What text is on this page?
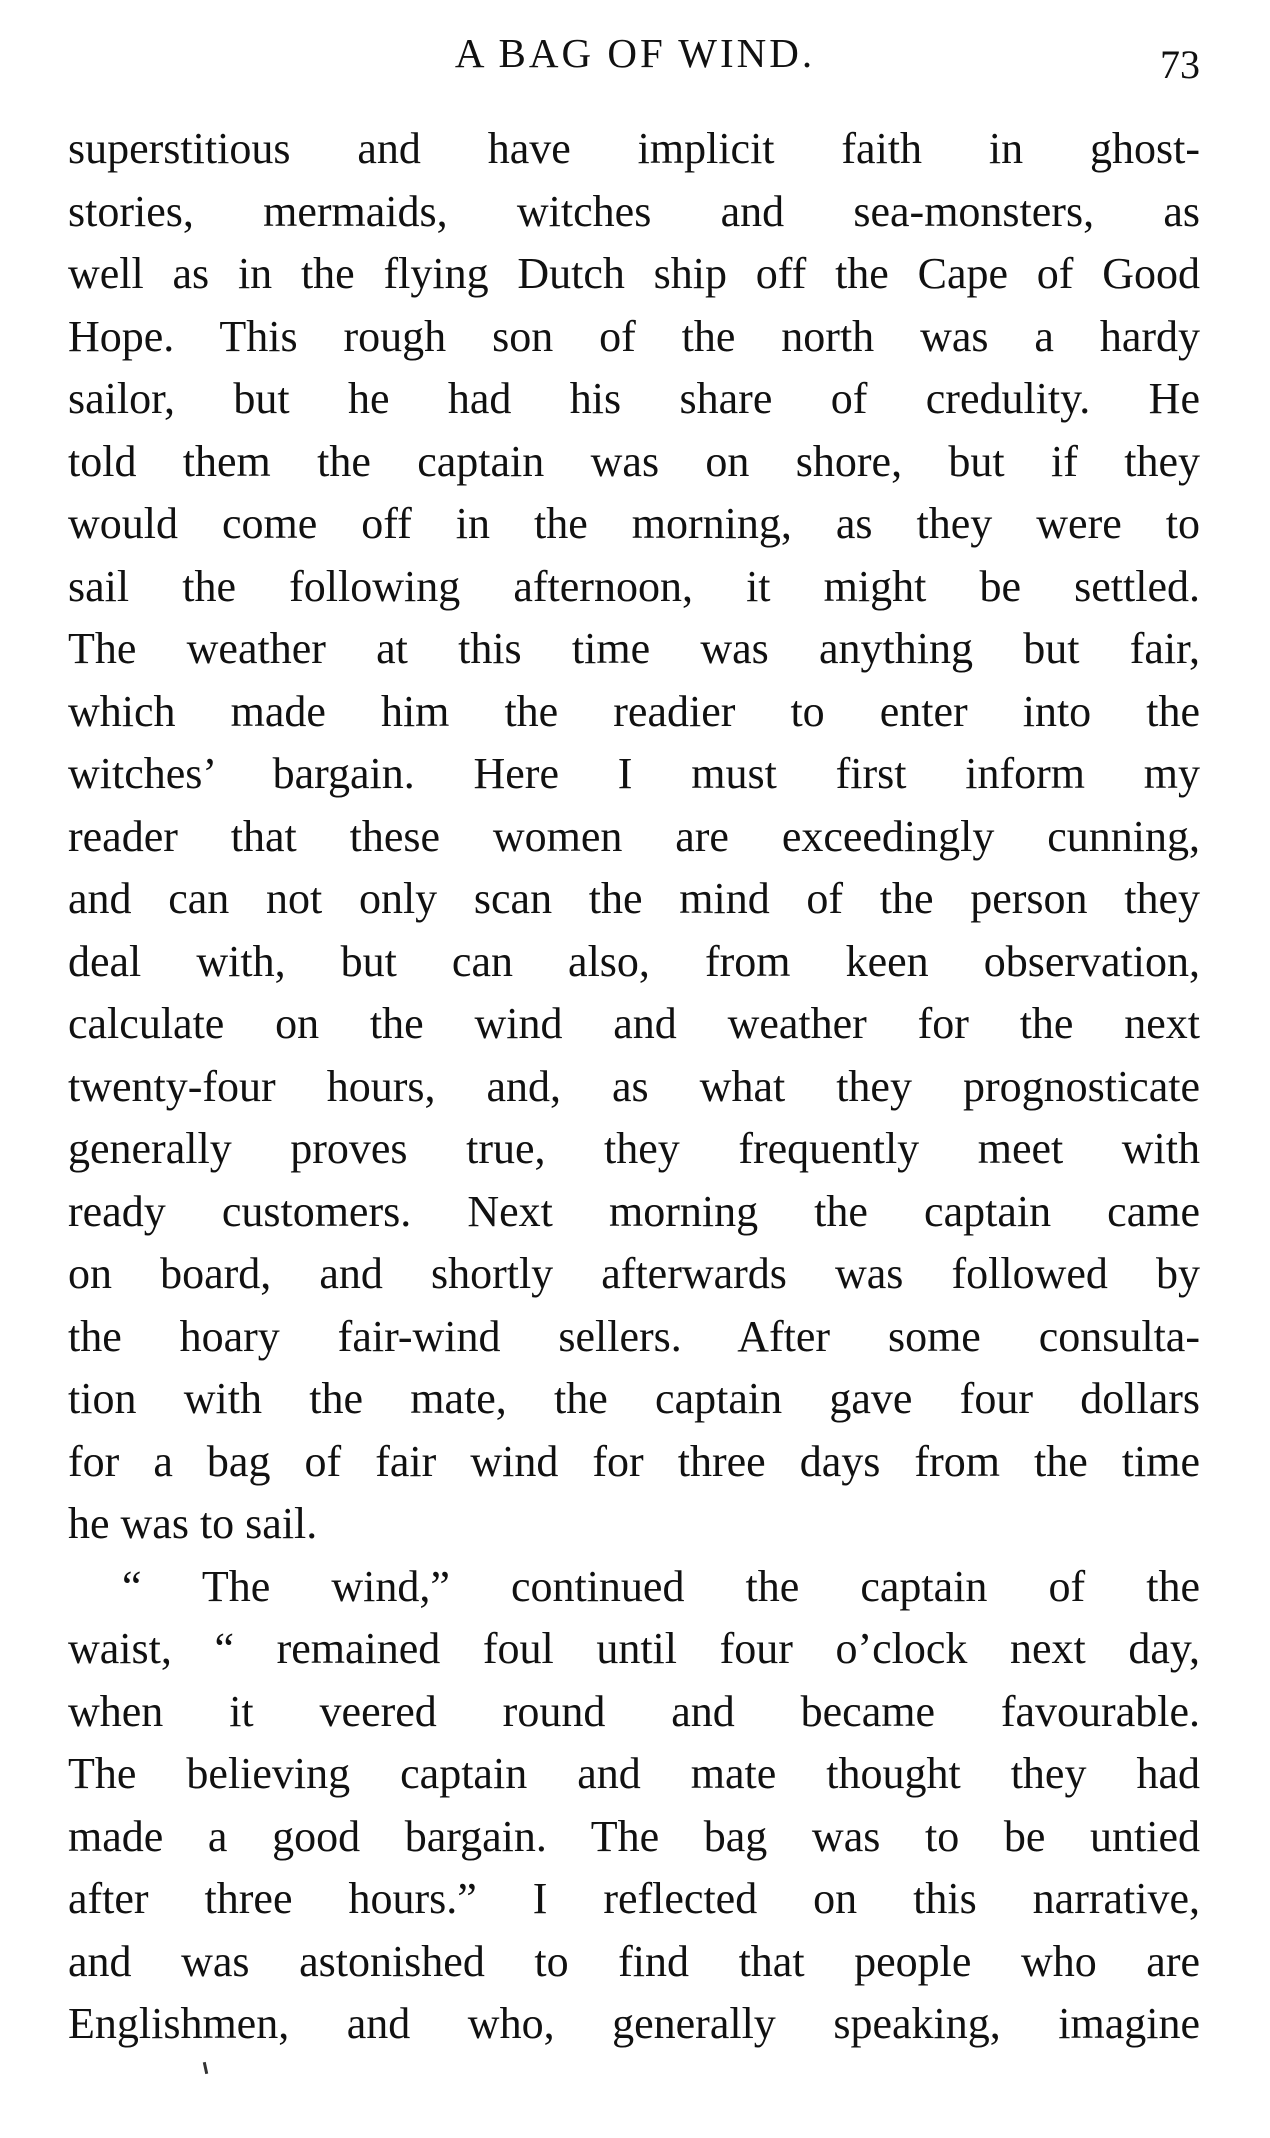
A BAG OF WIND.	73
superstitious and have implicit faith in ghost-
stories, mermaids, witches and sea-monsters, as
well as in the flying Dutch ship off the Cape of Good
Hope. This rough son of the north was a hardy
sailor, but he had his share of credulity. He
told them the captain was on shore, but if they
would come off in the morning, as they were to
sail the following afternoon, it might be settled.
The weather at this time was anything but fair,
which made him the readier to enter into the
witches’ bargain. Here I must first inform my
reader that these women are exceedingly cunning,
and can not only scan the mind of the person they
deal with, but can also, from keen observation,
calculate on the wind and weather for the next
twenty-four hours, and, as what they prognosticate
generally proves true, they frequently meet with
ready customers. Next morning the captain came
on board, and shortly afterwards was followed by
the hoary fair-wind sellers. After some consulta-
tion with the mate, the captain gave four dollars
for a bag of fair wind for three days from the time
he was to sail.
“ The wind,” continued the captain of the
waist, “ remained foul until four o’clock next day,
when it veered round and became favourable.
The believing captain and mate thought they had
made a good bargain. The bag was to be untied
after three hours.” I reflected on this narrative,
and was astonished to find that people who are
Englishmen, and who, generally speaking, imagine
